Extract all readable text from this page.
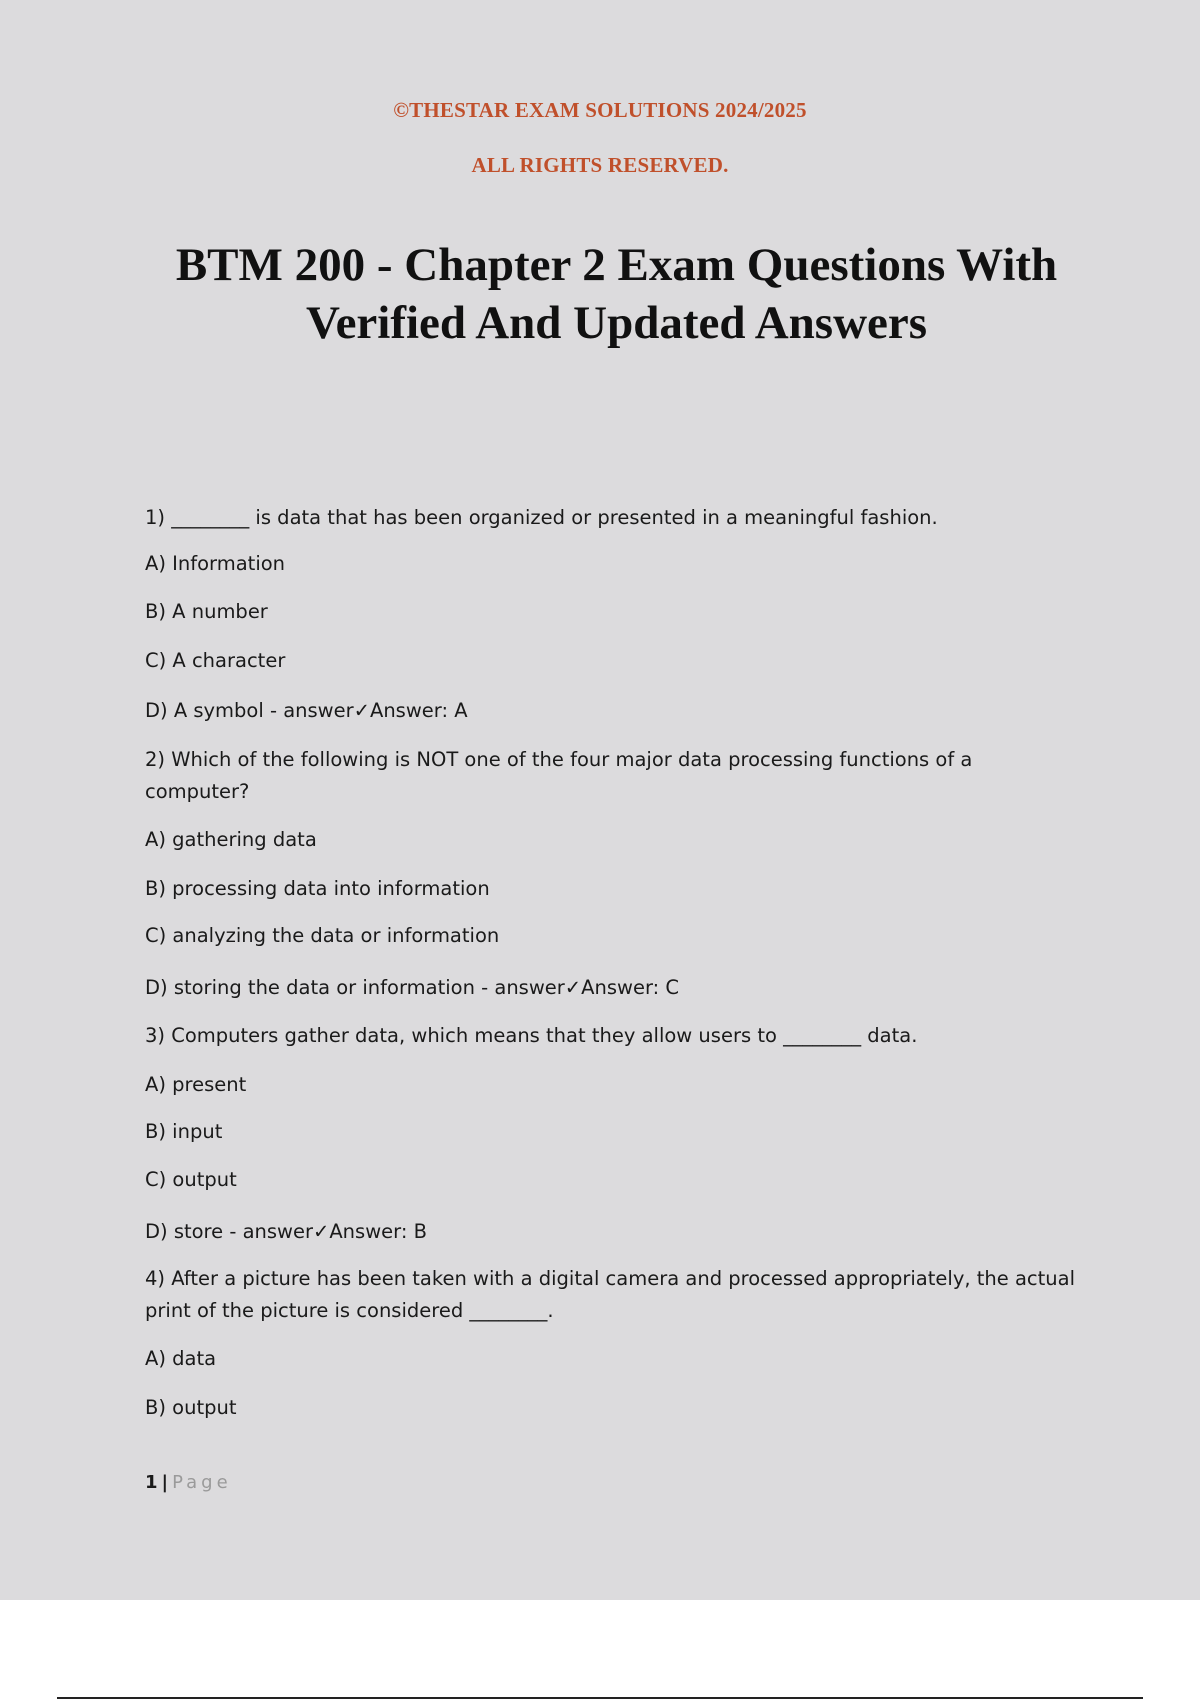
©THESTAR EXAM SOLUTIONS 2024/2025
ALL RIGHTS RESERVED.
BTM 200 - Chapter 2 Exam Questions With
Verified And Updated Answers
1) ________ is data that has been organized or presented in a meaningful fashion.
A) Information
B) A number
C) A character
D) A symbol - answer✓Answer: A
2) Which of the following is NOT one of the four major data processing functions of a computer?
A) gathering data
B) processing data into information
C) analyzing the data or information
D) storing the data or information - answer✓Answer: C
3) Computers gather data, which means that they allow users to ________ data.
A) present
B) input
C) output
D) store - answer✓Answer: B
4) After a picture has been taken with a digital camera and processed appropriately, the actual print of the picture is considered ________.
A) data
B) output
1 | Page
